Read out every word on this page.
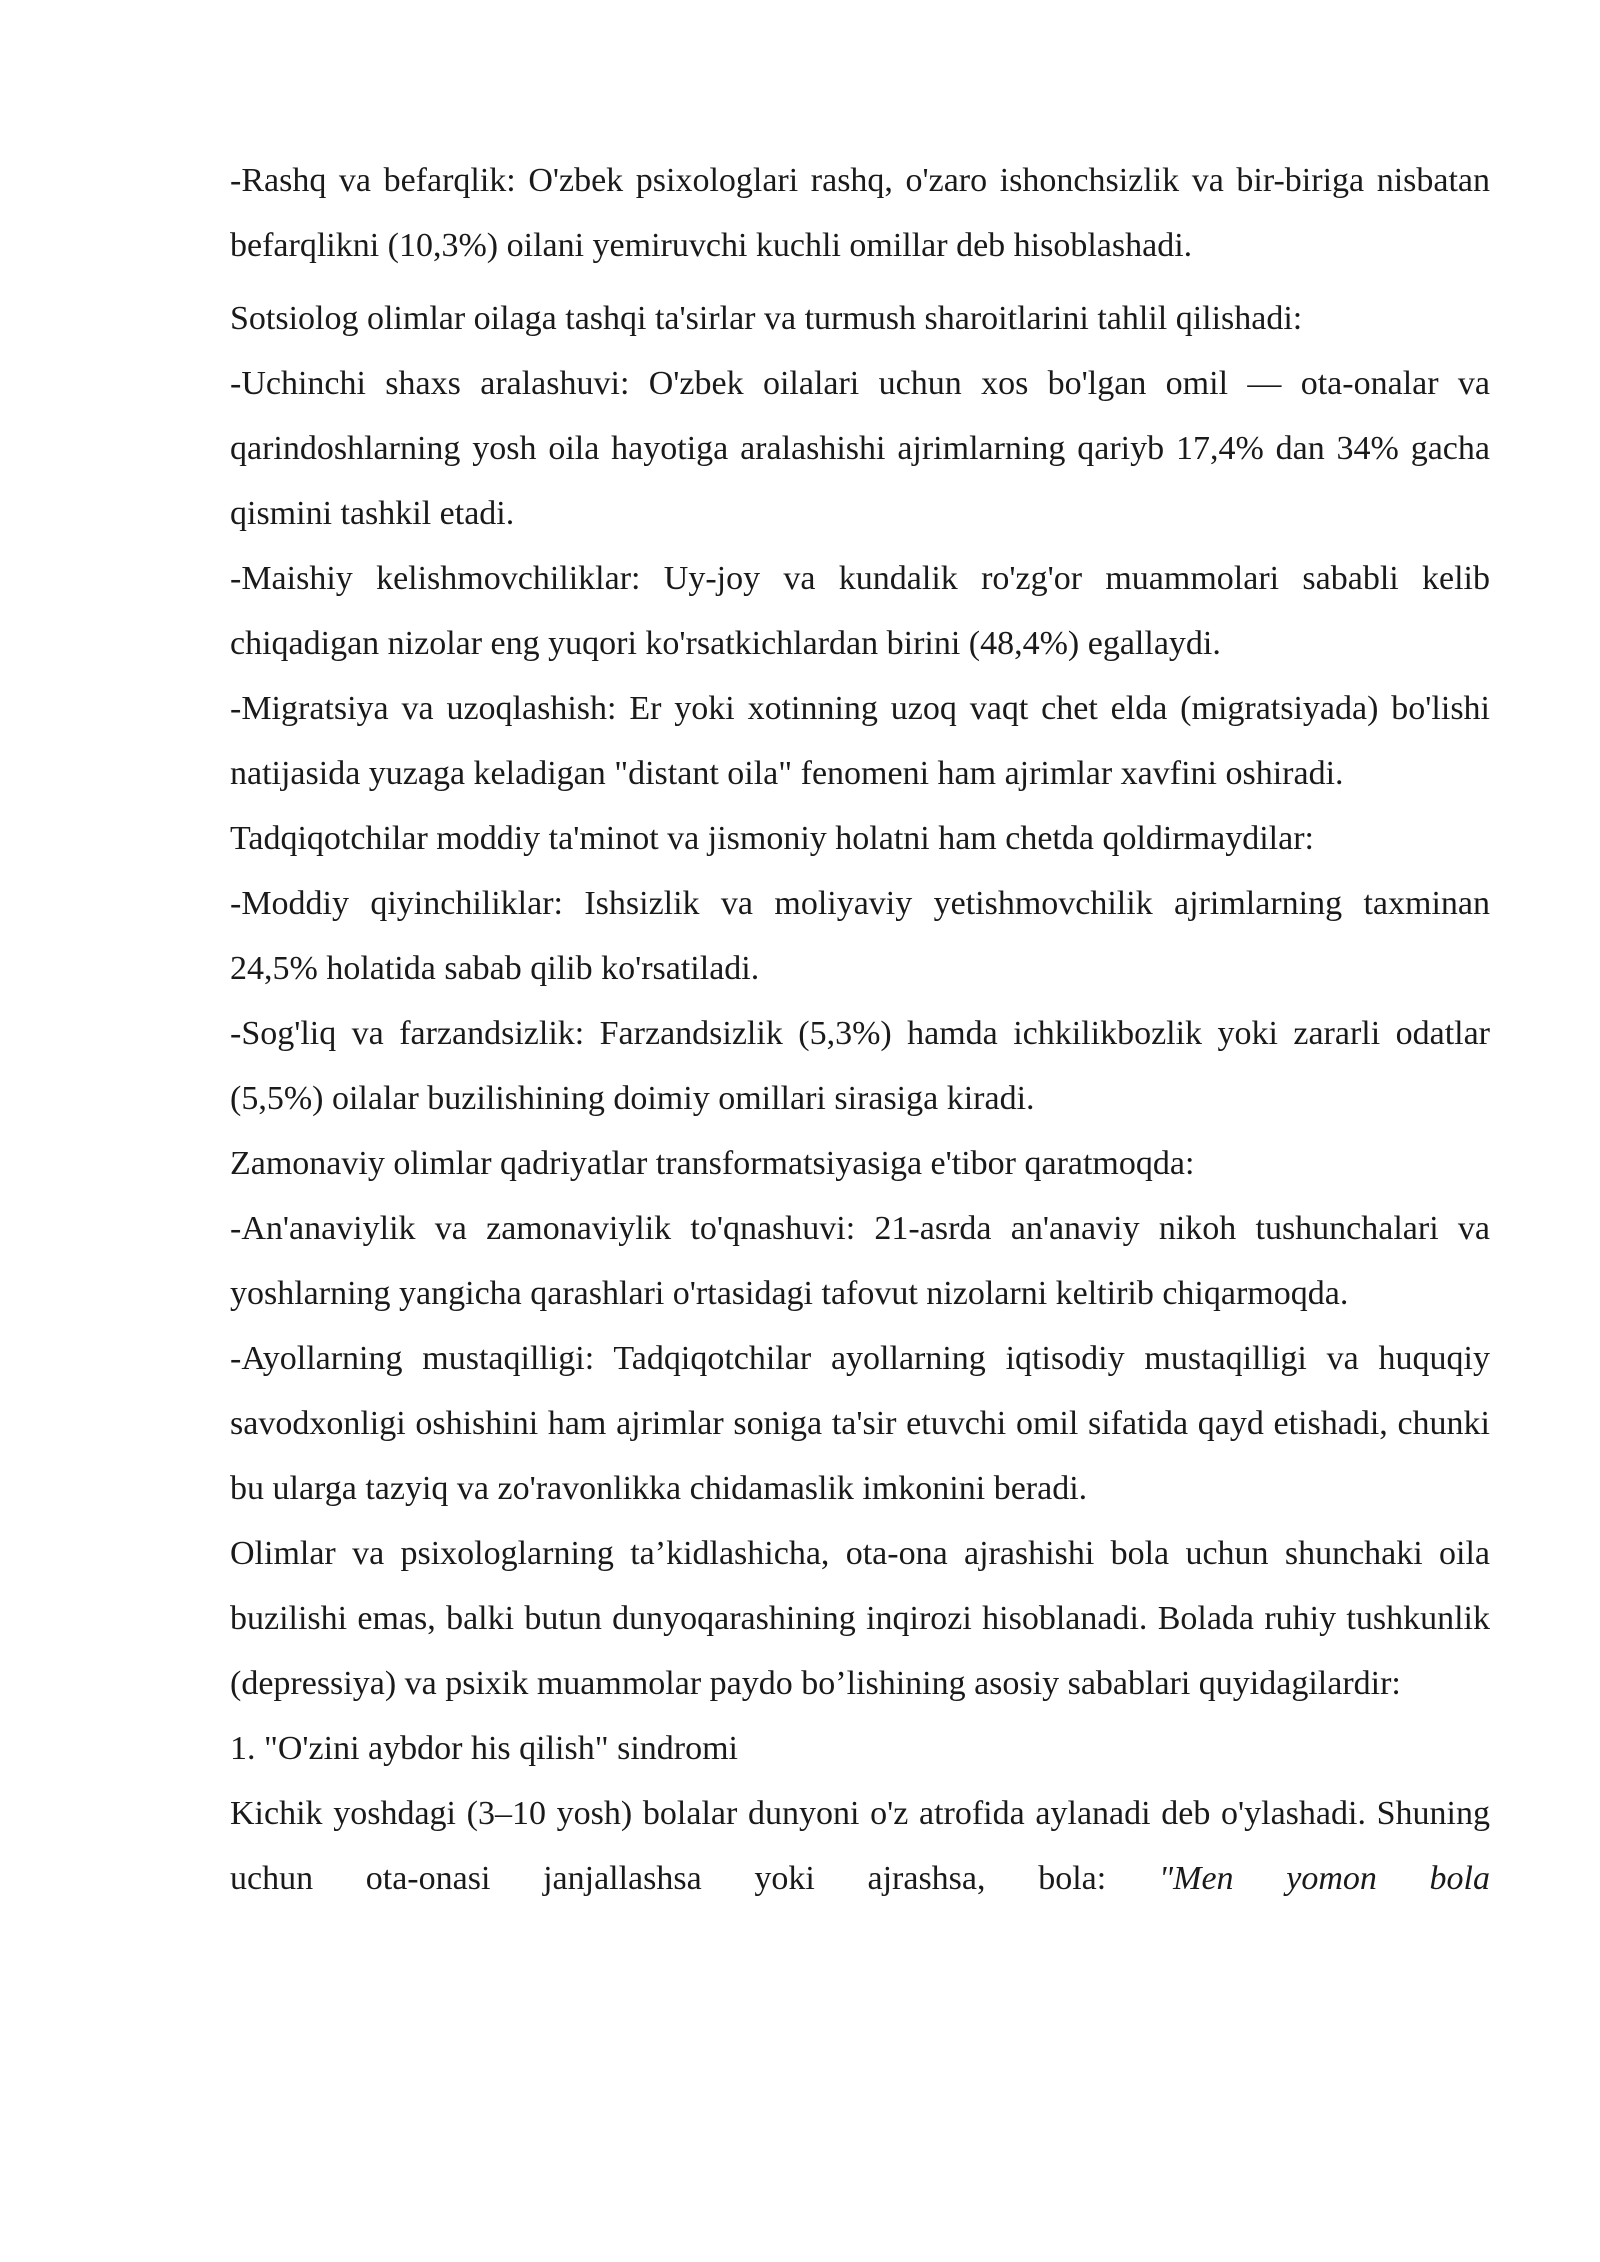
-Rashq va befarqlik: O'zbek psixologlari rashq, o'zaro ishonchsizlik va bir-biriga nisbatan befarqlikni (10,3%) oilani yemiruvchi kuchli omillar deb hisoblashadi.

Sotsiolog olimlar oilaga tashqi ta'sirlar va turmush sharoitlarini tahlil qilishadi:

-Uchinchi shaxs aralashuvi: O'zbek oilalari uchun xos bo'lgan omil — ota-onalar va qarindoshlarning yosh oila hayotiga aralashishi ajrimlarning qariyb 17,4% dan 34% gacha qismini tashkil etadi.

-Maishiy kelishmovchiliklar: Uy-joy va kundalik ro'zg'or muammolari sababli kelib chiqadigan nizolar eng yuqori ko'rsatkichlardan birini (48,4%) egallaydi.

-Migratsiya va uzoqlashish: Er yoki xotinning uzoq vaqt chet elda (migratsiyada) bo'lishi natijasida yuzaga keladigan "distant oila" fenomeni ham ajrimlar xavfini oshiradi.

Tadqiqotchilar moddiy ta'minot va jismoniy holatni ham chetda qoldirmaydilar:

-Moddiy qiyinchiliklar: Ishsizlik va moliyaviy yetishmovchilik ajrimlarning taxminan 24,5% holatida sabab qilib ko'rsatiladi.

-Sog'liq va farzandsizlik: Farzandsizlik (5,3%) hamda ichkilikbozlik yoki zararli odatlar (5,5%) oilalar buzilishining doimiy omillari sirasiga kiradi.

Zamonaviy olimlar qadriyatlar transformatsiyasiga e'tibor qaratmoqda:

-An'anaviylik va zamonaviylik to'qnashuvi: 21-asrda an'anaviy nikoh tushunchalari va yoshlarning yangicha qarashlari o'rtasidagi tafovut nizolarni keltirib chiqarmoqda.

-Ayollarning mustaqilligi: Tadqiqotchilar ayollarning iqtisodiy mustaqilligi va huquqiy savodxonligi oshishini ham ajrimlar soniga ta'sir etuvchi omil sifatida qayd etishadi, chunki bu ularga tazyiq va zo'ravonlikka chidamaslik imkonini beradi.

Olimlar va psixologlarning ta’kidlashicha, ota-ona ajrashishi bola uchun shunchaki oila buzilishi emas, balki butun dunyoqarashining inqirozi hisoblanadi. Bolada ruhiy tushkunlik (depressiya) va psixik muammolar paydo bo’lishining asosiy sabablari quyidagilardir:

1. "O'zini aybdor his qilish" sindromi

Kichik yoshdagi (3–10 yosh) bolalar dunyoni o'z atrofida aylanadi deb o'ylashadi. Shuning uchun ota-onasi janjallashsa yoki ajrashsa, bola: "Men yomon bola
